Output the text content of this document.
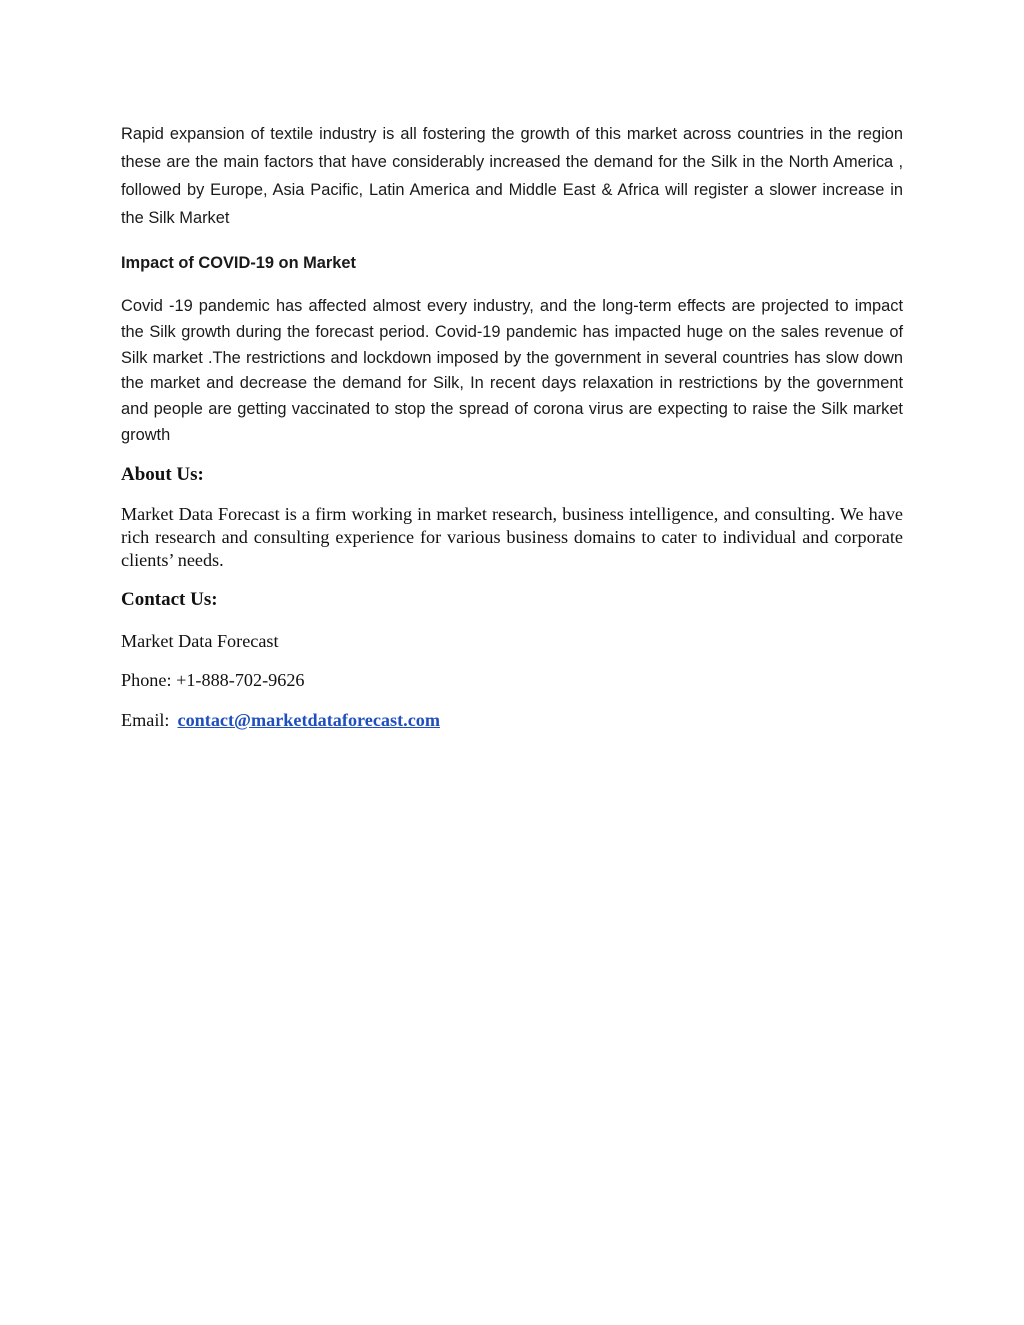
Rapid expansion of textile industry is all fostering the growth of this market across countries in the region these are the main factors that have considerably increased the demand for the Silk in the North America , followed by Europe, Asia Pacific, Latin America and Middle East & Africa will register a slower increase in the Silk Market

Impact of COVID-19 on Market

Covid -19 pandemic has affected almost every industry, and the long-term effects are projected to impact the Silk growth during the forecast period. Covid-19 pandemic has impacted huge on the sales revenue of Silk market .The restrictions and lockdown imposed by the government in several countries has slow down the market and decrease the demand for Silk, In recent days relaxation in restrictions by the government and people are getting vaccinated to stop the spread of corona virus are expecting to raise the Silk market growth

About Us:

Market Data Forecast is a firm working in market research, business intelligence, and consulting. We have rich research and consulting experience for various business domains to cater to individual and corporate clients’ needs.

Contact Us:
Market Data Forecast
Phone: +1-888-702-9626
Email: contact@marketdataforecast.com
